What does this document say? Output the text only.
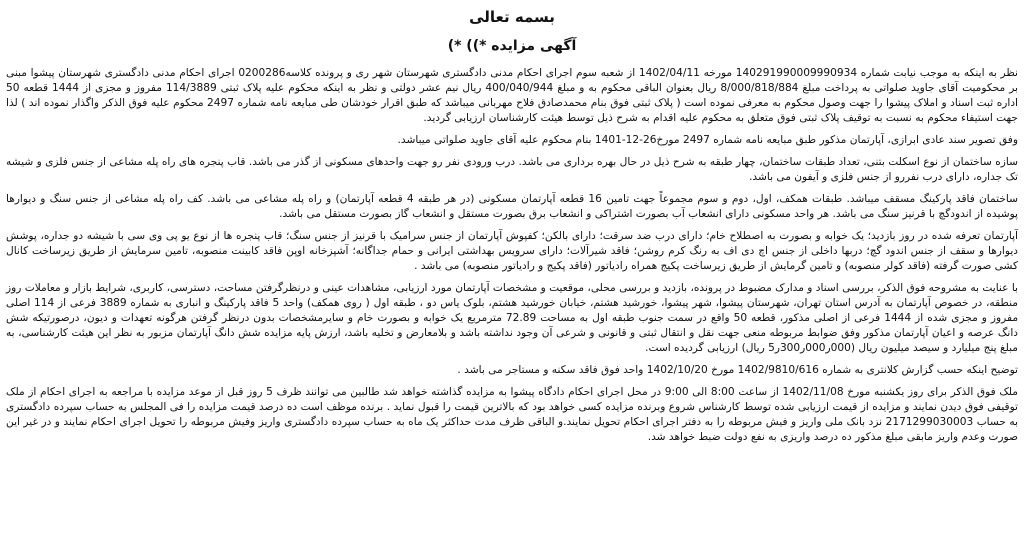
بسمه تعالی
آگهی مزایده *)) *)

نظر به اینکه به موجب نیابت شماره 140291990009990934 مورخه 1402/04/11 از شعبه سوم اجرای احکام مدنی دادگستری شهرستان شهر ری و پرونده کلاسه0200286 اجرای احکام مدنی دادگستری شهرستان پیشوا مبنی بر محکومیت آقای جاوید صلواتی به پرداخت مبلغ 8/000/818/884 ریال بعنوان الباقی محکوم به و مبلغ 400/040/944 ریال نیم عشر دولتی و نظر به اینکه محکوم علیه پلاک ثبتی 114/3889 مفروز و مجزی از 1444 قطعه 50 اداره ثبت اسناد و املاک پیشوا را جهت وصول محکوم به معرفی نموده است ( پلاک ثبتی فوق بنام محمدصادق فلاح مهربانی میباشد که طبق اقرار خودشان طی مبایعه نامه شماره 2497 محکوم علیه فوق الذکر واگذار نموده اند ) لذا جهت استیفاء محکوم به نسبت به توقیف پلاک ثبتی فوق متعلق به محکوم علیه اقدام به شرح ذیل توسط هیئت کارشناسان ارزیابی گردید.

وفق تصویر سند عادی ابرازی، آپارتمان مذکور طبق مبایعه نامه شماره 2497 مورخ26-12-1401 بنام محکوم علیه آقای جاوید صلواتی میباشد.

سازه ساختمان از نوع اسکلت بتنی، تعداد طبقات ساختمان، چهار طبقه به شرح ذیل در حال بهره برداری می باشد. درب ورودی نفر رو جهت واحدهای مسکونی از گذر می باشد. قاب پنجره های راه پله مشاعی از جنس فلزی و شیشه تک جداره، دارای درب نفررو از جنس فلزی و آیفون می باشد.

ساختمان فاقد پارکینگ مسقف میباشد. طبقات همکف، اول، دوم و سوم مجموعاً جهت تامین 16 قطعه آپارتمان مسکونی (در هر طبقه 4 قطعه آپارتمان) و راه پله مشاعی می باشد. کف راه پله مشاعی از جنس سنگ و دیوارها پوشیده از اندودگچ با قرنیز سنگ می باشد. هر واحد مسکونی دارای انشعاب آب بصورت اشتراکی و انشعاب برق بصورت مستقل و انشعاب گاز بصورت مستقل می باشد.

آپارتمان تعرفه شده در روز بازدید؛ یک خوابه و بصورت به اصطلاح خام؛ دارای درب ضد سرقت؛ دارای بالکن؛ کفپوش آپارتمان از جنس سرامیک با قرنیز از جنس سنگ؛ قاب پنجره ها از نوع یو پی وی سی با شیشه دو جداره، پوشش دیوارها و سقف از جنس اندود گچ؛ دربها داخلی از جنس اچ دی اف به رنگ کرم روشن؛ فاقد شیرآلات؛ دارای سرویس بهداشتی ایرانی و حمام جداگانه؛ آشپزخانه اوپن فاقد کابینت منصوبه، تامین سرمایش از طریق زیرساخت کانال کشی صورت گرفته (فاقد کولر منصوبه) و تامین گرمایش از طریق زیرساخت پکیج همراه رادیاتور (فاقد پکیج و رادیاتور منصوبه) می باشد .

با عنایت به مشروحه فوق الذکر، بررسی اسناد و مدارک مضبوط در پرونده، بازدید و بررسی محلی، موقعیت و مشخصات آپارتمان مورد ارزیابی، مشاهدات عینی و درنظرگرفتن مساحت، دسترسی، کاربری، شرایط بازار و معاملات روز منطقه، در خصوص آپارتمان به آدرس استان تهران، شهرستان پیشوا، شهر پیشوا، خورشید هشتم، خیابان خورشید هشتم، بلوک یاس دو ، طبقه اول ( روی همکف) واحد 5 فاقد پارکینگ و انباری به شماره 3889 فرعی از 114 اصلی مفروز و مجزی شده از 1444 فرعی از اصلی مذکور، قطعه 50 واقع در سمت جنوب طبقه اول به مساحت 72.89 مترمربع یک خوابه و بصورت خام و سایرمشخصات بدون درنظر گرفتن هرگونه تعهدات و دیون، درصورتیکه شش دانگ عرصه و اعیان آپارتمان مذکور وفق ضوابط مربوطه منعی جهت نقل و انتقال ثبتی و قانونی و شرعی آن وجود نداشته باشد و بلامعارض و تخلیه باشد، ارزش پایه مزایده شش دانگ آپارتمان مزبور به نظر این هیئت کارشناسی، به مبلغ پنج میلیارد و سیصد میلیون ریال (000ر000ر300ر5 ریال) ارزیابی گردیده است.

توضیح اینکه حسب گزارش کلانتری به شماره 1402/9810/616 مورخ 1402/10/20 واحد فوق فاقد سکنه و مستاجر می باشد .

ملک فوق الذکر برای روز یکشنبه مورخ 1402/11/08 از ساعت 8:00 الی 9:00 در محل اجرای احکام دادگاه پیشوا به مزایده گذاشته خواهد شد طالبین می توانند ظرف 5 روز قبل از موعد مزایده با مراجعه به اجرای احکام از ملک توقیفی فوق دیدن نمایند و مزایده از قیمت ارزیابی شده توسط کارشناس شروع وبرنده مزایده کسی خواهد بود که بالاترین قیمت را قبول نماید . برنده موظف است ده درصد قیمت مزایده را فی المجلس به حساب سپرده دادگستری به حساب 2171299030003 نزد بانک ملی واریز و فیش مربوطه را به دفتر اجرای احکام تحویل نمایند.و الباقی ظرف مدت حداکثر یک ماه به حساب سپرده دادگستری واریز وفیش مربوطه را تحویل اجرای احکام نمایند و در غیر این صورت وعدم واریز مابقی مبلغ مذکور ده درصد واریزی به نفع دولت ضبط خواهد شد.
